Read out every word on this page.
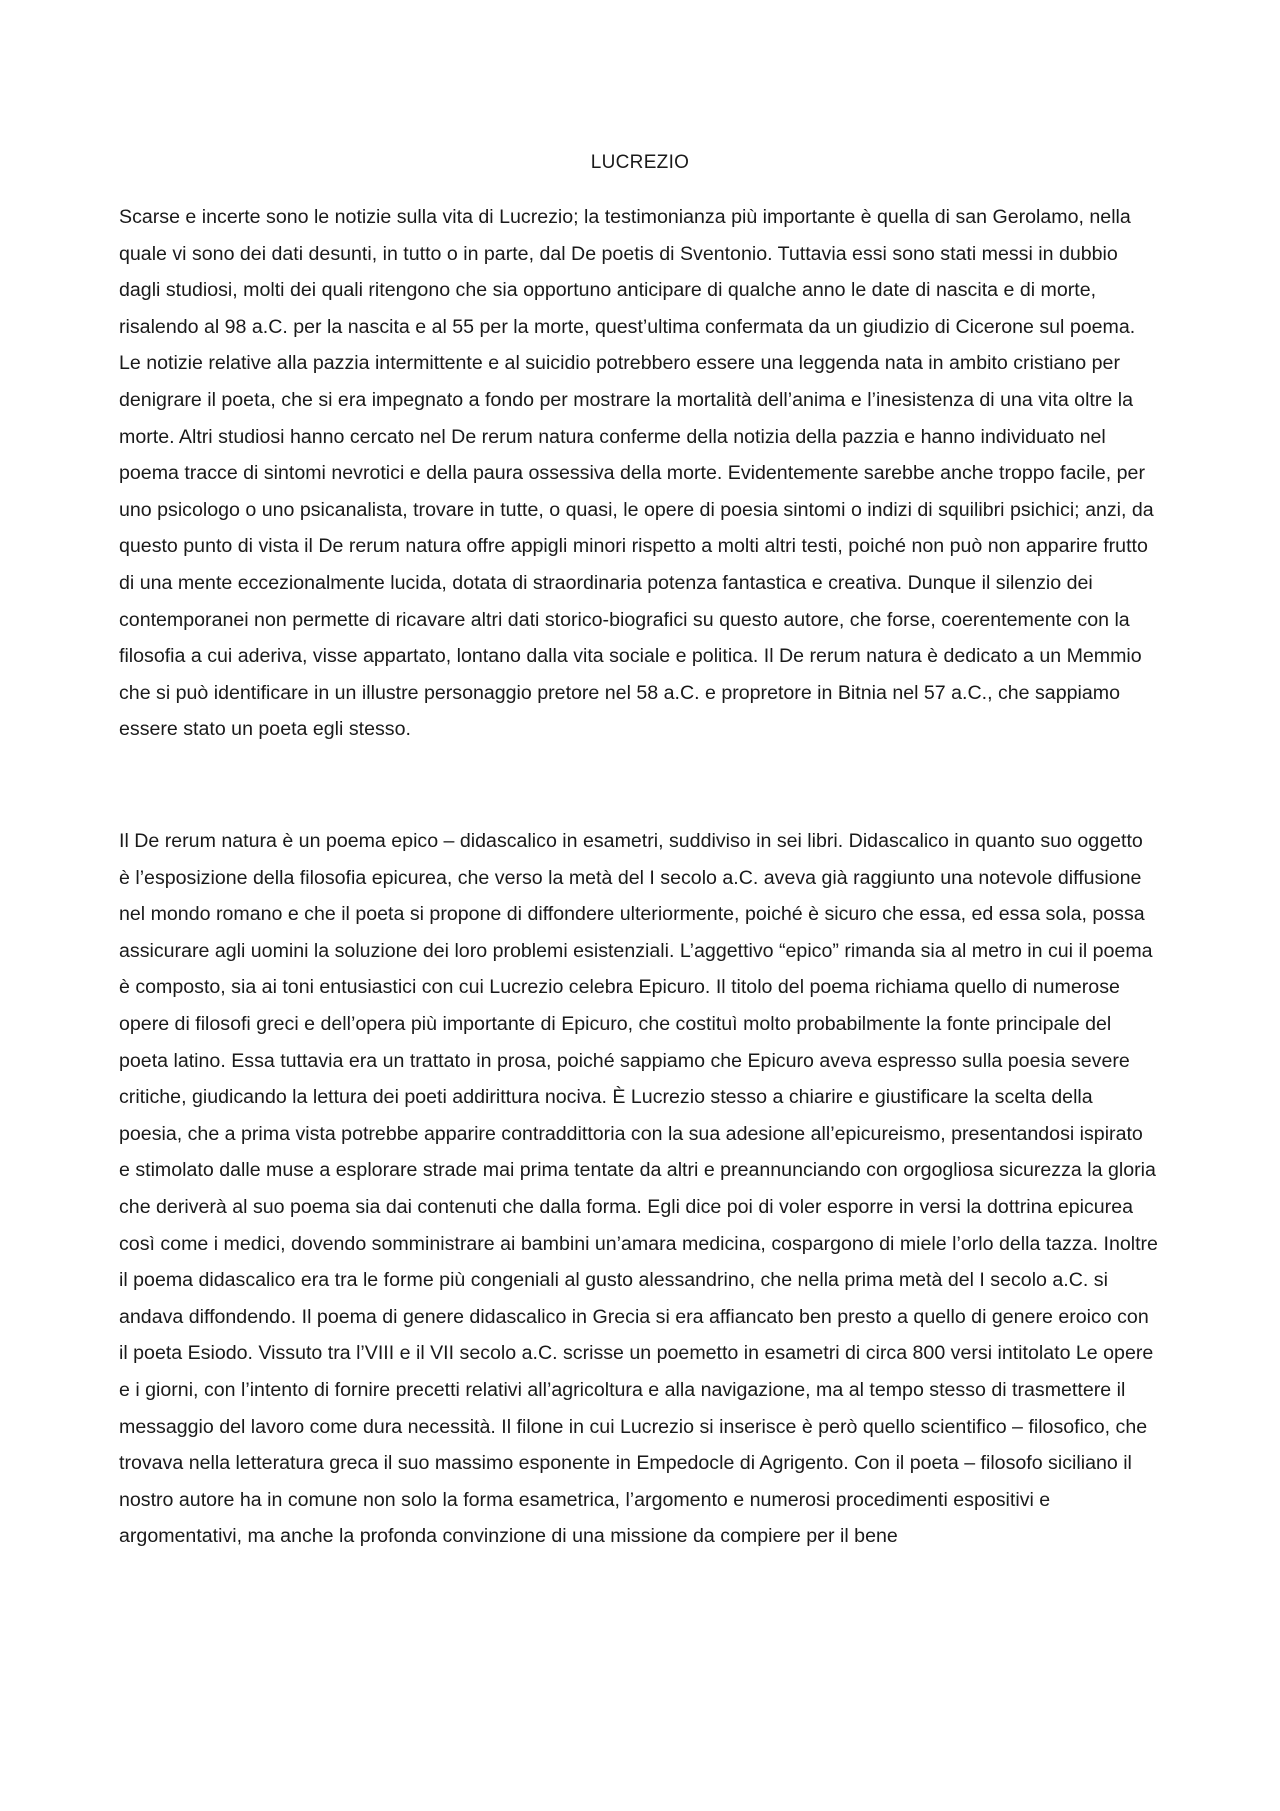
LUCREZIO

Scarse e incerte sono le notizie sulla vita di Lucrezio; la testimonianza più importante è quella di san Gerolamo, nella quale vi sono dei dati desunti, in tutto o in parte, dal De poetis di Sventonio. Tuttavia essi sono stati messi in dubbio dagli studiosi, molti dei quali ritengono che sia opportuno anticipare di qualche anno le date di nascita e di morte, risalendo al 98 a.C. per la nascita e al 55 per la morte, quest’ultima confermata da un giudizio di Cicerone sul poema. Le notizie relative alla pazzia intermittente e al suicidio potrebbero essere una leggenda nata in ambito cristiano per denigrare il poeta, che si era impegnato a fondo per mostrare la mortalità dell’anima e l’inesistenza di una vita oltre la morte. Altri studiosi hanno cercato nel De rerum natura conferme della notizia della pazzia e hanno individuato nel poema tracce di sintomi nevrotici e della paura ossessiva della morte. Evidentemente sarebbe anche troppo facile, per uno psicologo o uno psicanalista, trovare in tutte, o quasi, le opere di poesia sintomi o indizi di squilibri psichici; anzi, da questo punto di vista il De rerum natura offre appigli minori rispetto a molti altri testi, poiché non può non apparire frutto di una mente eccezionalmente lucida, dotata di straordinaria potenza fantastica e creativa. Dunque il silenzio dei contemporanei non permette di ricavare altri dati storico-biografici su questo autore, che forse, coerentemente con la filosofia a cui aderiva, visse appartato, lontano dalla vita sociale e politica. Il De rerum natura è dedicato a un Memmio che si può identificare in un illustre personaggio pretore nel 58 a.C. e propretore in Bitnia nel 57 a.C., che sappiamo essere stato un poeta egli stesso.

Il De rerum natura è un poema epico – didascalico in esametri, suddiviso in sei libri. Didascalico in quanto suo oggetto è l’esposizione della filosofia epicurea, che verso la metà del I secolo a.C. aveva già raggiunto una notevole diffusione nel mondo romano e che il poeta si propone di diffondere ulteriormente, poiché è sicuro che essa, ed essa sola, possa assicurare agli uomini la soluzione dei loro problemi esistenziali. L’aggettivo “epico” rimanda sia al metro in cui il poema è composto, sia ai toni entusiastici con cui Lucrezio celebra Epicuro. Il titolo del poema richiama quello di numerose opere di filosofi greci e dell’opera più importante di Epicuro, che costituì molto probabilmente la fonte principale del poeta latino. Essa tuttavia era un trattato in prosa, poiché sappiamo che Epicuro aveva espresso sulla poesia severe critiche, giudicando la lettura dei poeti addirittura nociva. È Lucrezio stesso a chiarire e giustificare la scelta della poesia, che a prima vista potrebbe apparire contraddittoria con la sua adesione all’epicureismo, presentandosi ispirato e stimolato dalle muse a esplorare strade mai prima tentate da altri e preannunciando con orgogliosa sicurezza la gloria che deriverà al suo poema sia dai contenuti che dalla forma. Egli dice poi di voler esporre in versi la dottrina epicurea così come i medici, dovendo somministrare ai bambini un’amara medicina, cospargono di miele l’orlo della tazza. Inoltre il poema didascalico era tra le forme più congeniali al gusto alessandrino, che nella prima metà del I secolo a.C. si andava diffondendo. Il poema di genere didascalico in Grecia si era affiancato ben presto a quello di genere eroico con il poeta Esiodo. Vissuto tra l’VIII e il VII secolo a.C. scrisse un poemetto in esametri di circa 800 versi intitolato Le opere e i giorni, con l’intento di fornire precetti relativi all’agricoltura e alla navigazione, ma al tempo stesso di trasmettere il messaggio del lavoro come dura necessità. Il filone in cui Lucrezio si inserisce è però quello scientifico – filosofico, che trovava nella letteratura greca il suo massimo esponente in Empedocle di Agrigento. Con il poeta – filosofo siciliano il nostro autore ha in comune non solo la forma esametrica, l’argomento e numerosi procedimenti espositivi e argomentativi, ma anche la profonda convinzione di una missione da compiere per il bene
